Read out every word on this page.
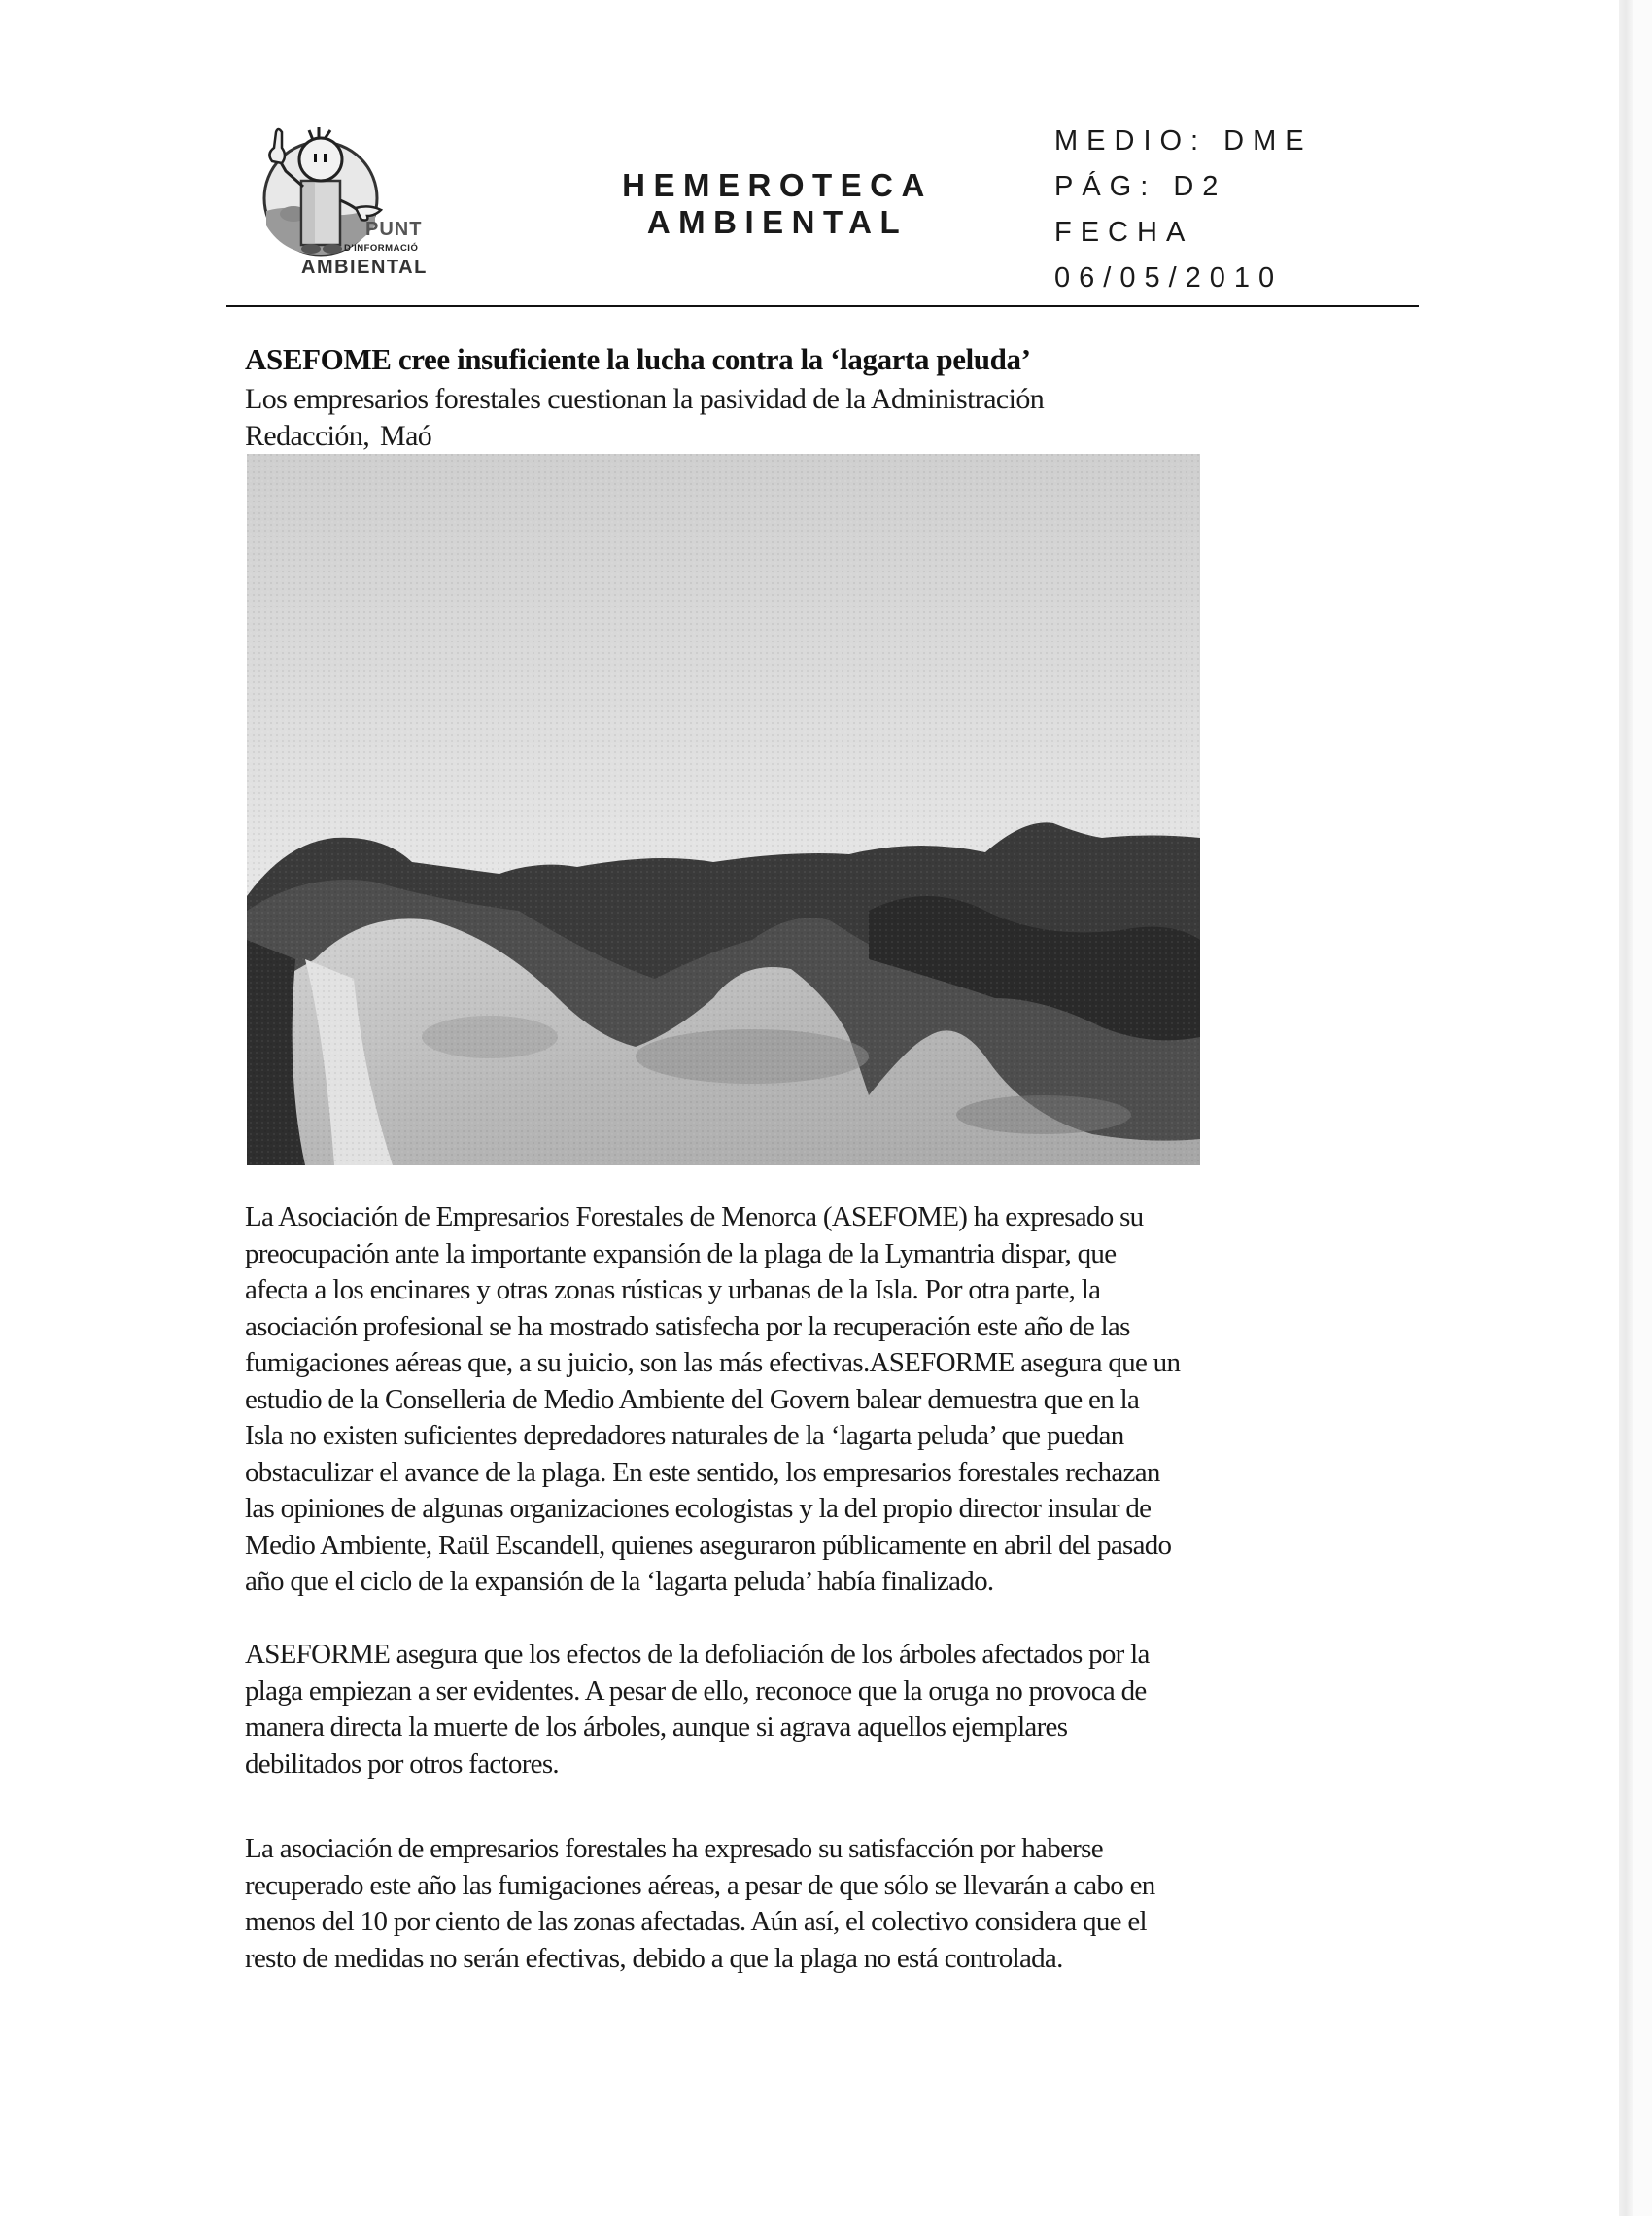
PUNT
D'INFORMACIÓ
AMBIENTAL
HEMEROTECA
AMBIENTAL
MEDIO: DME
PÁG: D2
FECHA
06/05/2010
ASEFOME cree insuficiente la lucha contra la ‘lagarta peluda’
Los empresarios forestales cuestionan la pasividad de la Administración
Redacción, Maó
La Asociación de Empresarios Forestales de Menorca (ASEFOME) ha expresado su
preocupación ante la importante expansión de la plaga de la Lymantria dispar, que
afecta a los encinares y otras zonas rústicas y urbanas de la Isla. Por otra parte, la
asociación profesional se ha mostrado satisfecha por la recuperación este año de las
fumigaciones aéreas que, a su juicio, son las más efectivas.ASEFORME asegura que un
estudio de la Conselleria de Medio Ambiente del Govern balear demuestra que en la
Isla no existen suficientes depredadores naturales de la ‘lagarta peluda’ que puedan
obstaculizar el avance de la plaga. En este sentido, los empresarios forestales rechazan
las opiniones de algunas organizaciones ecologistas y la del propio director insular de
Medio Ambiente, Raül Escandell, quienes aseguraron públicamente en abril del pasado
año que el ciclo de la expansión de la ‘lagarta peluda’ había finalizado.
ASEFORME asegura que los efectos de la defoliación de los árboles afectados por la
plaga empiezan a ser evidentes. A pesar de ello, reconoce que la oruga no provoca de
manera directa la muerte de los árboles, aunque si agrava aquellos ejemplares
debilitados por otros factores.
La asociación de empresarios forestales ha expresado su satisfacción por haberse
recuperado este año las fumigaciones aéreas, a pesar de que sólo se llevarán a cabo en
menos del 10 por ciento de las zonas afectadas. Aún así, el colectivo considera que el
resto de medidas no serán efectivas, debido a que la plaga no está controlada.
